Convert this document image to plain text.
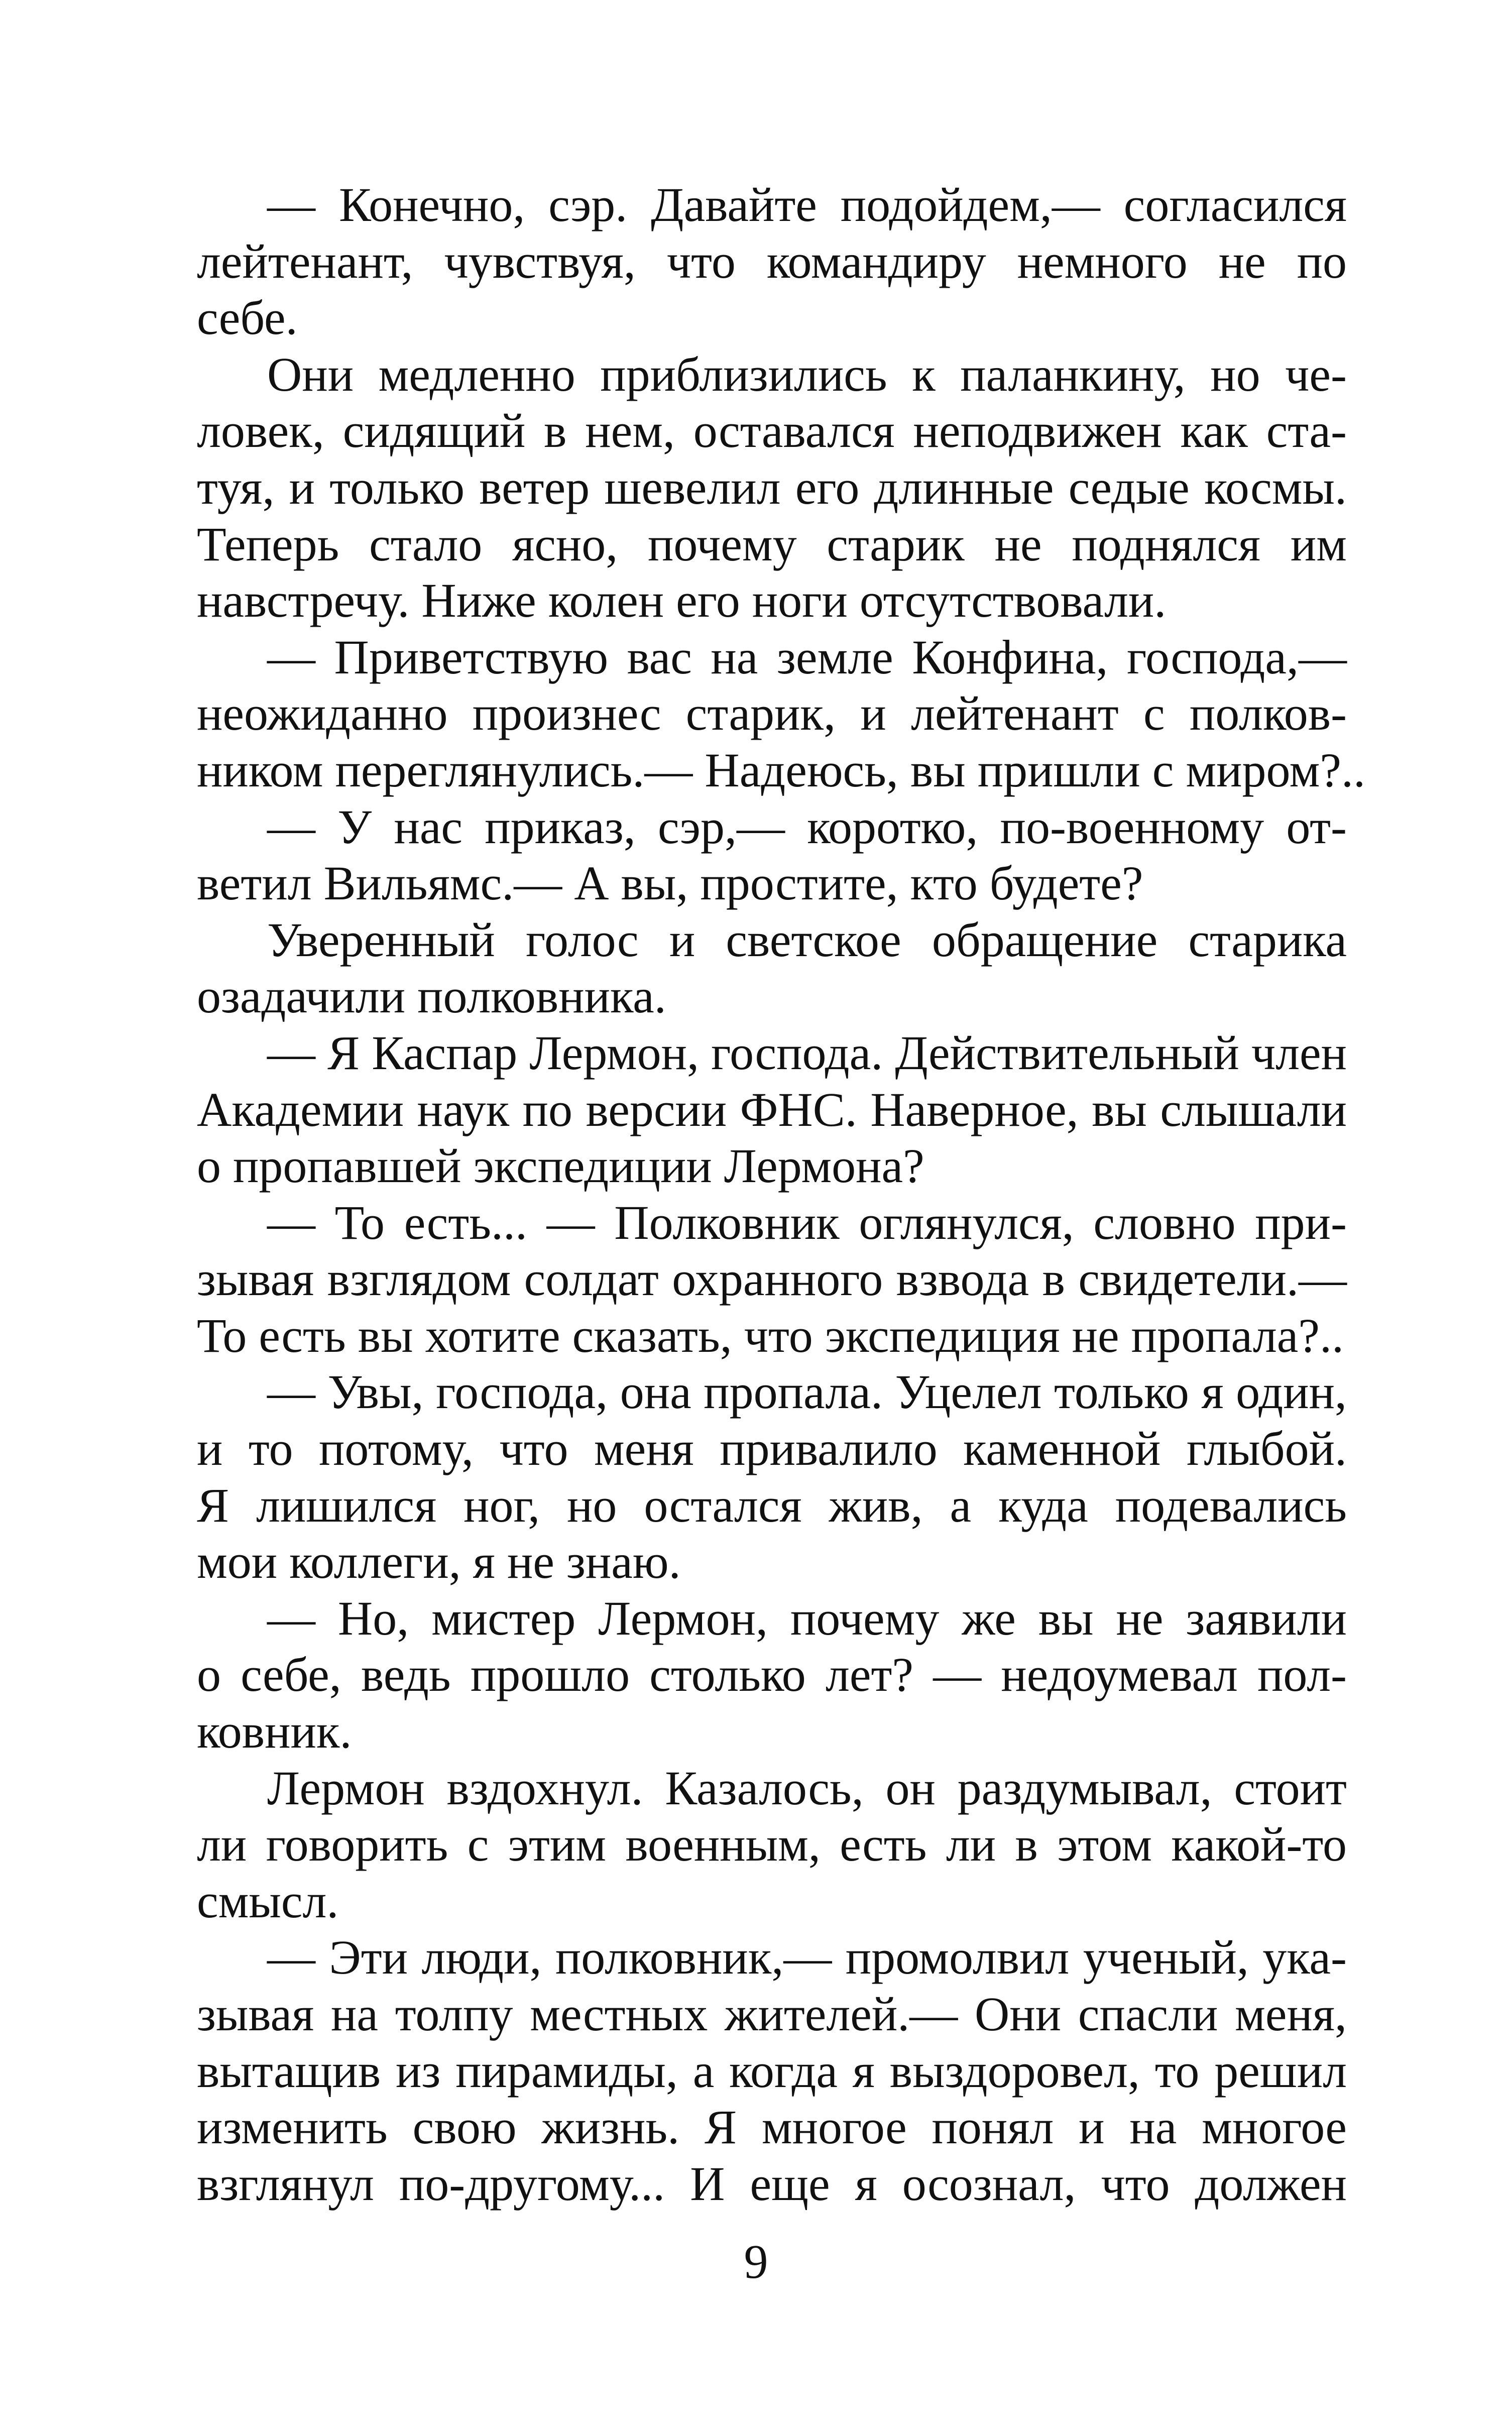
— Конечно, сэр. Давайте подойдем,— согласился
лейтенант, чувствуя, что командиру немного не по
себе.
Они медленно приблизились к паланкину, но че-
ловек, сидящий в нем, оставался неподвижен как ста-
туя, и только ветер шевелил его длинные седые космы.
Теперь стало ясно, почему старик не поднялся им
навстречу. Ниже колен его ноги отсутствовали.
— Приветствую вас на земле Конфина, господа,—
неожиданно произнес старик, и лейтенант с полков-
ником переглянулись.— Надеюсь, вы пришли с миром?..
— У нас приказ, сэр,— коротко, по-военному от-
ветил Вильямс.— А вы, простите, кто будете?
Уверенный голос и светское обращение старика
озадачили полковника.
— Я Каспар Лермон, господа. Действительный член
Академии наук по версии ФНС. Наверное, вы слышали
о пропавшей экспедиции Лермона?
— То есть... — Полковник оглянулся, словно при-
зывая взглядом солдат охранного взвода в свидетели.—
То есть вы хотите сказать, что экспедиция не пропала?..
— Увы, господа, она пропала. Уцелел только я один,
и то потому, что меня привалило каменной глыбой.
Я лишился ног, но остался жив, а куда подевались
мои коллеги, я не знаю.
— Но, мистер Лермон, почему же вы не заявили
о себе, ведь прошло столько лет? — недоумевал пол-
ковник.
Лермон вздохнул. Казалось, он раздумывал, стоит
ли говорить с этим военным, есть ли в этом какой-то
смысл.
— Эти люди, полковник,— промолвил ученый, ука-
зывая на толпу местных жителей.— Они спасли меня,
вытащив из пирамиды, а когда я выздоровел, то решил
изменить свою жизнь. Я многое понял и на многое
взглянул по-другому... И еще я осознал, что должен
9
